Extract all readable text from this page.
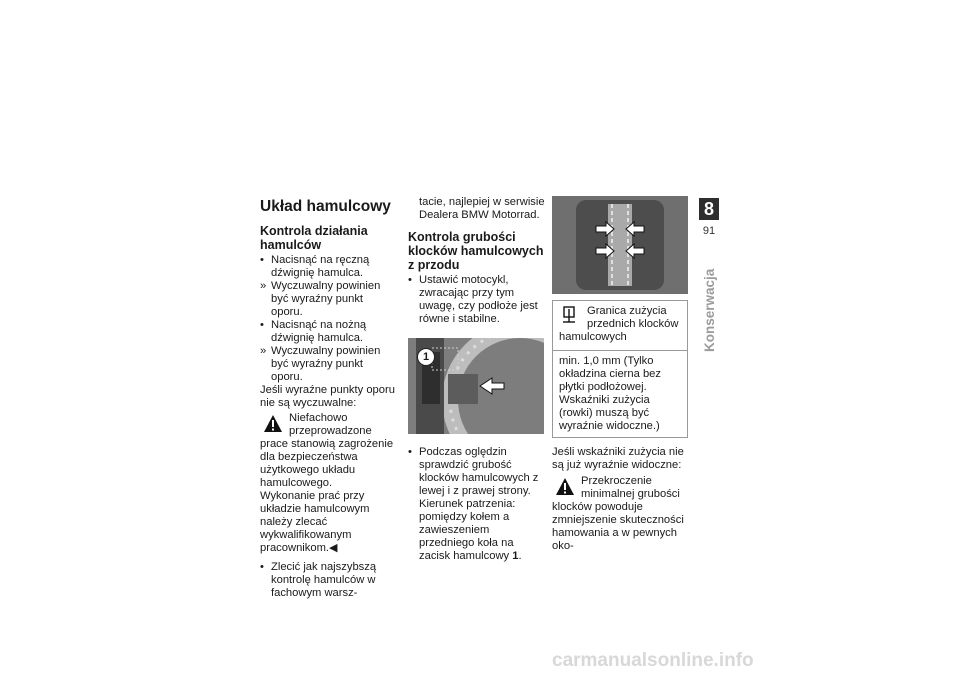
Układ hamulcowy
Kontrola działania hamulców
• Nacisnąć na ręczną dźwignię hamulca.
» Wyczuwalny powinien być wyraźny punkt oporu.
• Nacisnąć na nożną dźwignię hamulca.
» Wyczuwalny powinien być wyraźny punkt oporu.

Jeśli wyraźne punkty oporu nie są wyczuwalne:

Niefachowo przeprowadzone prace stanowią zagrożenie dla bezpieczeństwa użytkowego układu hamulcowego.

Wykonanie prać przy układzie hamulcowym należy zlecać wykwalifikowanym pracownikom.◀

• Zlecić jak najszybszą kontrolę hamulców w fachowym warsz-

tacie, najlepiej w serwisie Dealera BMW Motorrad.

Kontrola grubości klocków hamulcowych z przodu
• Ustawić motocykl, zwracając przy tym uwagę, czy podłoże jest równe i stabilne.
1
• Podczas oględzin sprawdzić grubość klocków hamulcowych z lewej i z prawej strony. Kierunek patrzenia: pomiędzy kołem a zawieszeniem przedniego koła na zacisk hamulcowy 1.
Granica zużycia przednich klocków hamulcowych
min. 1,0 mm (Tylko okładzina cierna bez płytki podłożowej. Wskaźniki zużycia (rowki) muszą być wyraźnie widoczne.)

Jeśli wskaźniki zużycia nie są już wyraźnie widoczne:

Przekroczenie minimalnej grubości klocków powoduje zmniejszenie skuteczności hamowania a w pewnych oko-
8
91
Konserwacja
carmanualsonline.info
